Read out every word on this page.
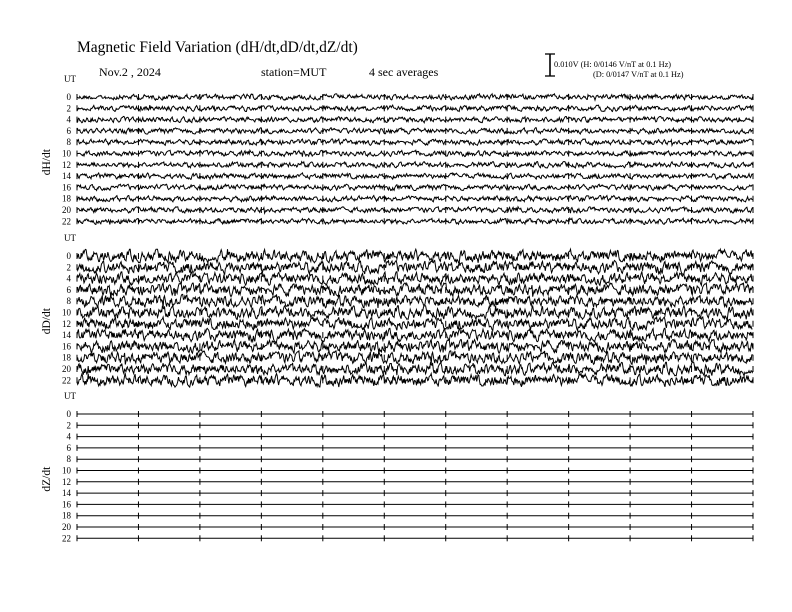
Magnetic Field Variation (dH/dt,dD/dt,dZ/dt)
Nov.2 , 2024	station=MUT	4 sec averages
0.010V (H: 0/0146 V/nT at 0.1 Hz)
(D: 0/0147 V/nT at 0.1 Hz)
UT
dH/dt
0
2
4
6
8
10
12
14
16
18
20
22
UT
dD/dt
0
2
4
6
8
10
12
14
16
18
20
22
UT
dZ/dt
0
2
4
6
8
10
12
14
16
18
20
22
